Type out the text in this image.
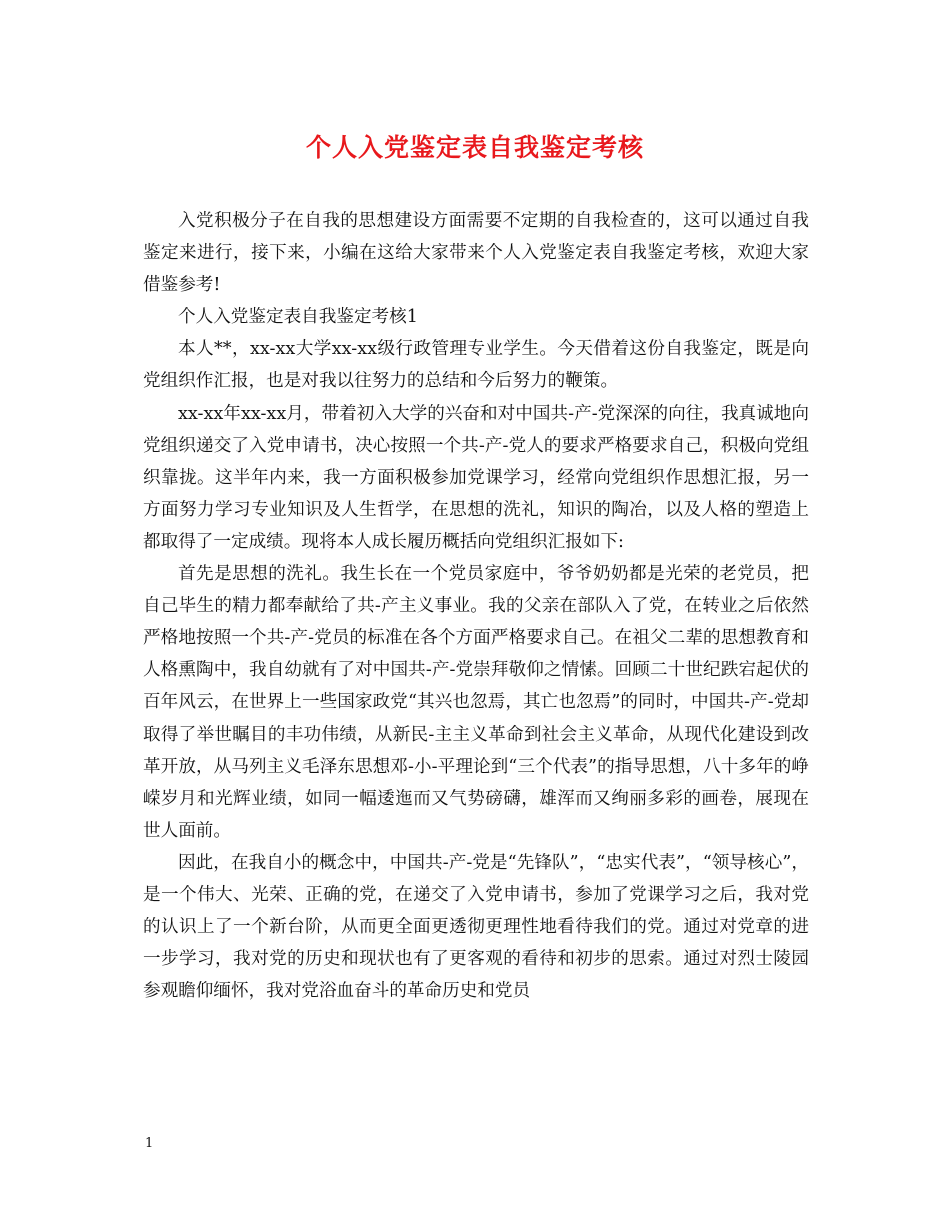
个人入党鉴定表自我鉴定考核

入党积极分子在自我的思想建设方面需要不定期的自我检查的，这可以通过自我鉴定来进行，接下来，小编在这给大家带来个人入党鉴定表自我鉴定考核，欢迎大家借鉴参考!

个人入党鉴定表自我鉴定考核1

本人**，xx-xx大学xx-xx级行政管理专业学生。今天借着这份自我鉴定，既是向党组织作汇报，也是对我以往努力的总结和今后努力的鞭策。

xx-xx年xx-xx月，带着初入大学的兴奋和对中国共-产-党深深的向往，我真诚地向党组织递交了入党申请书，决心按照一个共-产-党人的要求严格要求自己，积极向党组织靠拢。这半年内来，我一方面积极参加党课学习，经常向党组织作思想汇报，另一方面努力学习专业知识及人生哲学，在思想的洗礼，知识的陶冶，以及人格的塑造上都取得了一定成绩。现将本人成长履历概括向党组织汇报如下:

首先是思想的洗礼。我生长在一个党员家庭中，爷爷奶奶都是光荣的老党员，把自己毕生的精力都奉献给了共-产主义事业。我的父亲在部队入了党，在转业之后依然严格地按照一个共-产-党员的标准在各个方面严格要求自己。在祖父二辈的思想教育和人格熏陶中，我自幼就有了对中国共-产-党崇拜敬仰之情愫。回顾二十世纪跌宕起伏的百年风云，在世界上一些国家政党“其兴也忽焉，其亡也忽焉”的同时，中国共-产-党却取得了举世瞩目的丰功伟绩，从新民-主主义革命到社会主义革命，从现代化建设到改革开放，从马列主义毛泽东思想邓-小-平理论到“三个代表”的指导思想，八十多年的峥嵘岁月和光辉业绩，如同一幅逶迤而又气势磅礴，雄浑而又绚丽多彩的画卷，展现在世人面前。

因此，在我自小的概念中，中国共-产-党是“先锋队”，“忠实代表”，“领导核心”，是一个伟大、光荣、正确的党，在递交了入党申请书，参加了党课学习之后，我对党的认识上了一个新台阶，从而更全面更透彻更理性地看待我们的党。通过对党章的进一步学习，我对党的历史和现状也有了更客观的看待和初步的思索。通过对烈士陵园参观瞻仰缅怀，我对党浴血奋斗的革命历史和党员

1
